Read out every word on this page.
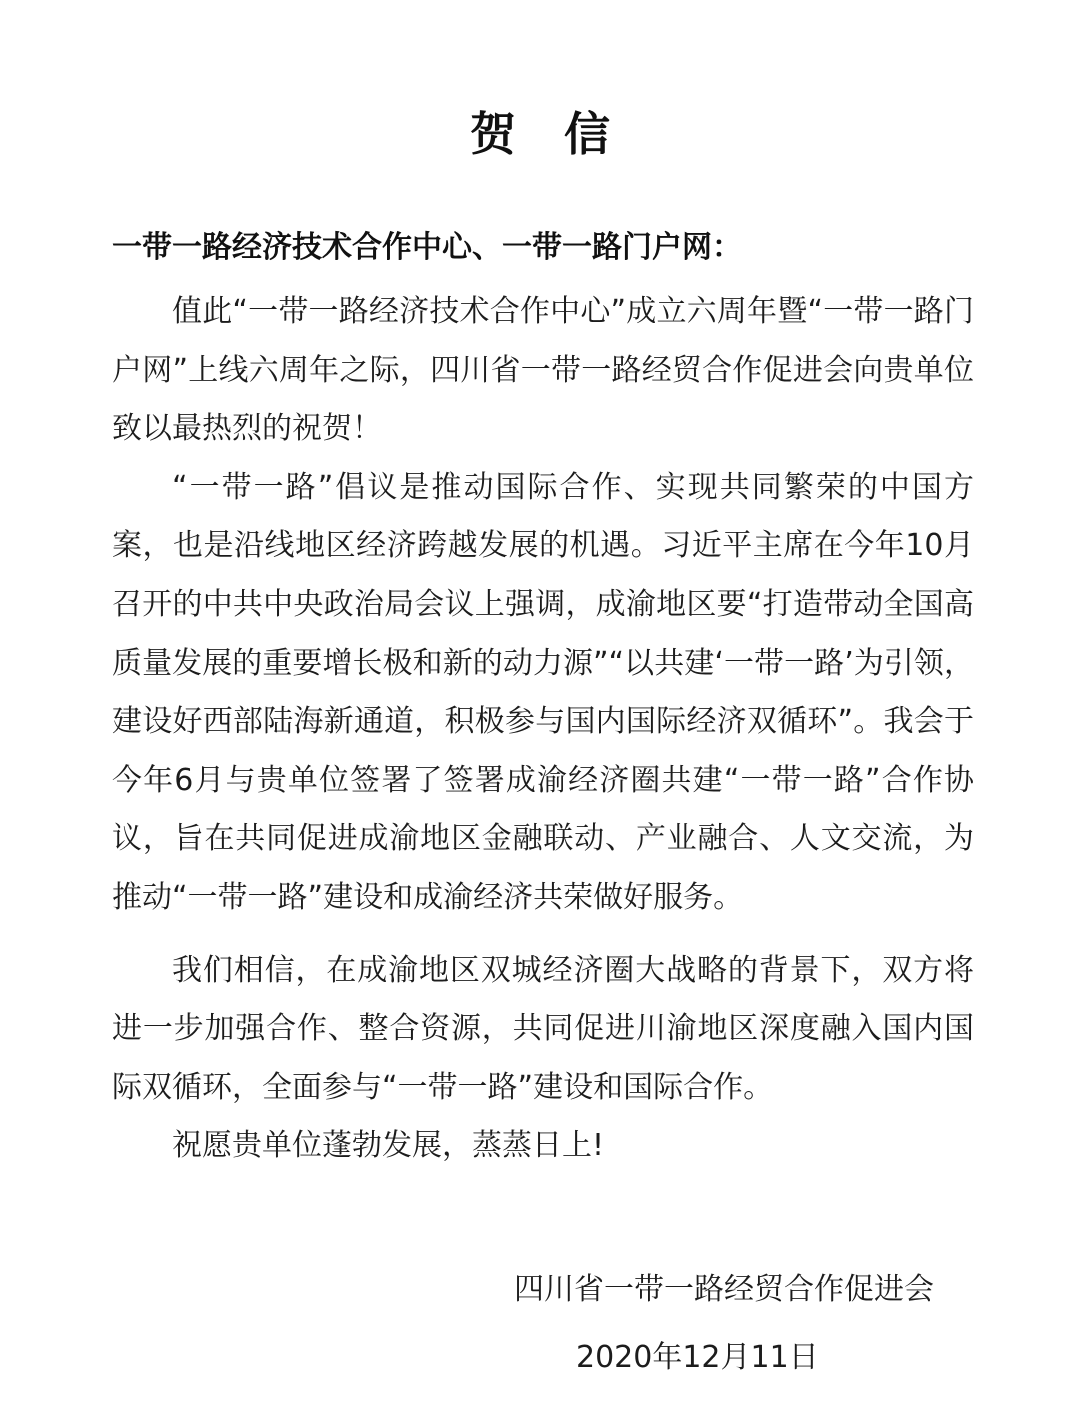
贺信
一带一路经济技术合作中心、一带一路门户网：

值此“一带一路经济技术合作中心”成立六周年暨“一带一路门户网”上线六周年之际，四川省一带一路经贸合作促进会向贵单位致以最热烈的祝贺！

“一带一路”倡议是推动国际合作、实现共同繁荣的中国方案，也是沿线地区经济跨越发展的机遇。习近平主席在今年10月召开的中共中央政治局会议上强调，成渝地区要“打造带动全国高质量发展的重要增长极和新的动力源”“以共建‘一带一路’为引领，建设好西部陆海新通道，积极参与国内国际经济双循环”。我会于今年6月与贵单位签署了签署成渝经济圈共建“一带一路”合作协议，旨在共同促进成渝地区金融联动、产业融合、人文交流，为推动“一带一路”建设和成渝经济共荣做好服务。

我们相信，在成渝地区双城经济圈大战略的背景下，双方将进一步加强合作、整合资源，共同促进川渝地区深度融入国内国际双循环，全面参与“一带一路”建设和国际合作。

祝愿贵单位蓬勃发展，蒸蒸日上!

四川省一带一路经贸合作促进会
2020年12月11日
